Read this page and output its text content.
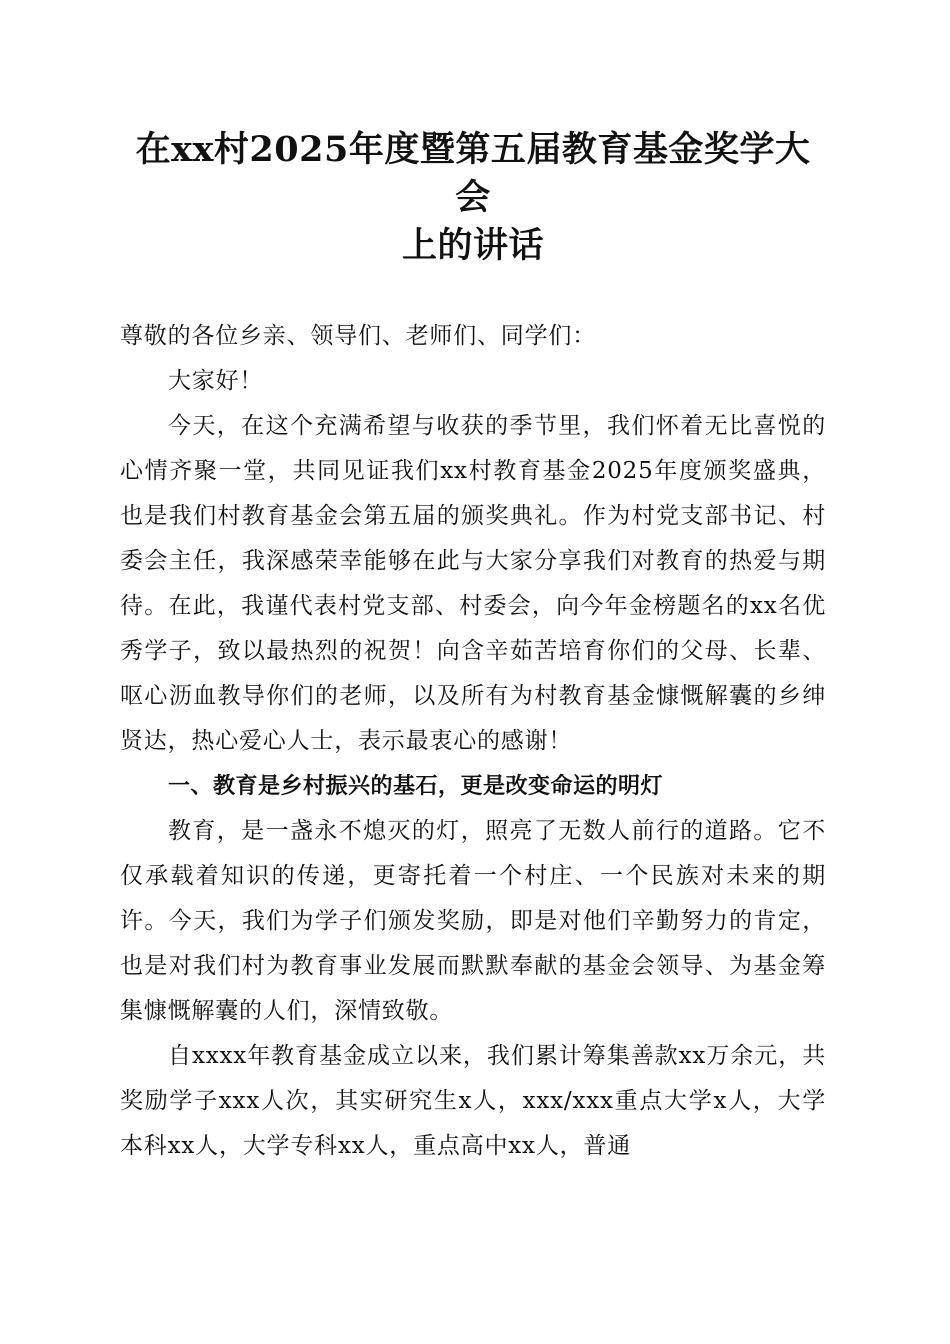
在xx村2025年度暨第五届教育基金奖学大会
上的讲话

尊敬的各位乡亲、领导们、老师们、同学们：

大家好！

今天，在这个充满希望与收获的季节里，我们怀着无比喜悦的心情齐聚一堂，共同见证我们xx村教育基金2025年度颁奖盛典，也是我们村教育基金会第五届的颁奖典礼。作为村党支部书记、村委会主任，我深感荣幸能够在此与大家分享我们对教育的热爱与期待。在此，我谨代表村党支部、村委会，向今年金榜题名的xx名优秀学子，致以最热烈的祝贺！向含辛茹苦培育你们的父母、长辈、呕心沥血教导你们的老师，以及所有为村教育基金慷慨解囊的乡绅贤达，热心爱心人士，表示最衷心的感谢！

一、教育是乡村振兴的基石，更是改变命运的明灯

教育，是一盏永不熄灭的灯，照亮了无数人前行的道路。它不仅承载着知识的传递，更寄托着一个村庄、一个民族对未来的期许。今天，我们为学子们颁发奖励，即是对他们辛勤努力的肯定，也是对我们村为教育事业发展而默默奉献的基金会领导、为基金筹集慷慨解囊的人们，深情致敬。

自xxxx年教育基金成立以来，我们累计筹集善款xx万余元，共奖励学子xxx人次，其实研究生x人，xxx/xxx重点大学x人，大学本科xx人，大学专科xx人，重点高中xx人，普通
